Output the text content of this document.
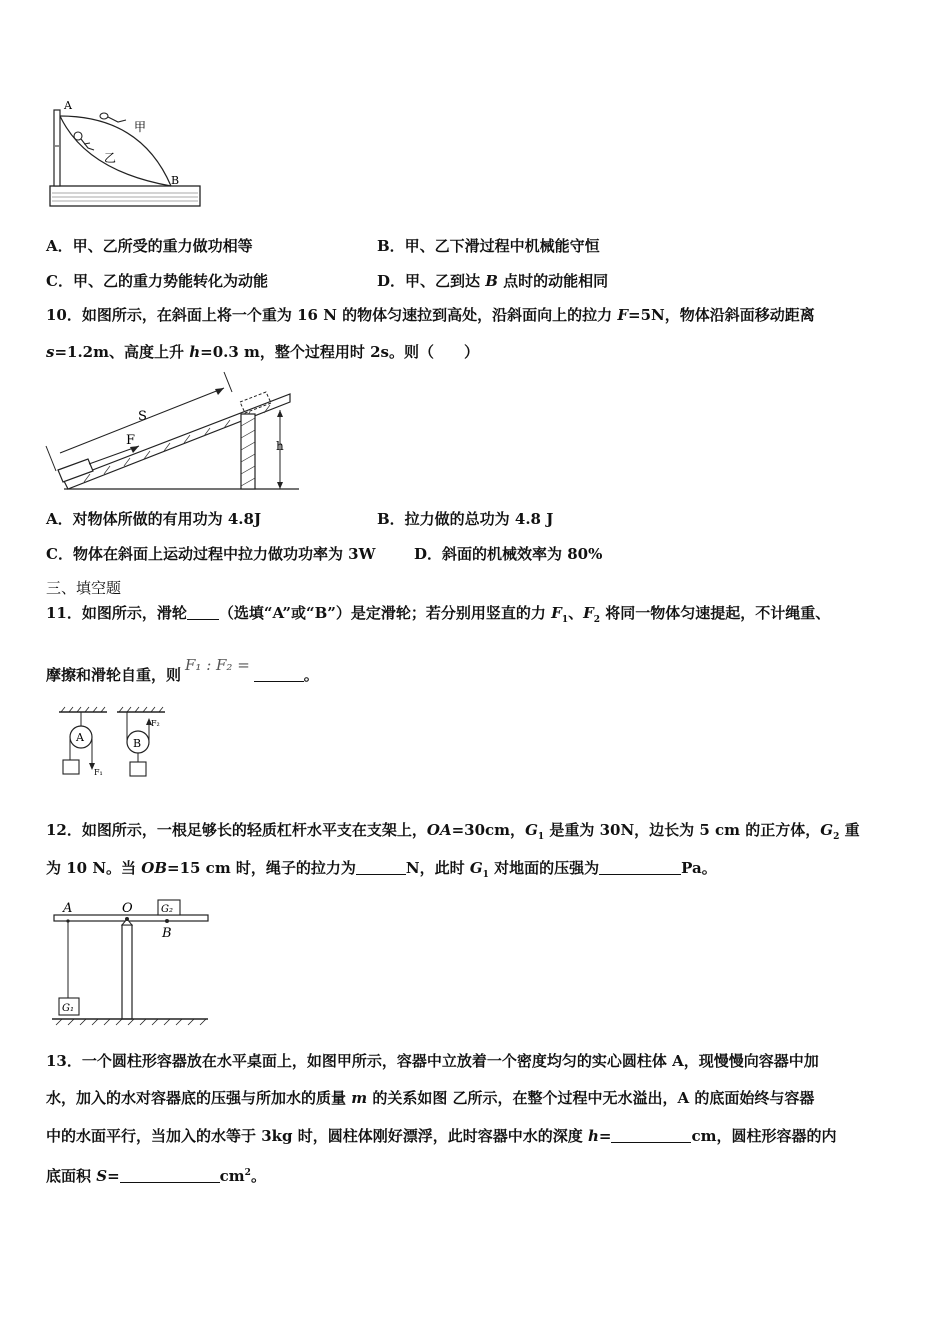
A
B
甲
乙
A．甲、乙所受的重力做功相等	B．甲、乙下滑过程中机械能守恒
C．甲、乙的重力势能转化为动能	D．甲、乙到达 B 点时的动能相同
10．如图所示，在斜面上将一个重为 16 N 的物体匀速拉到高处，沿斜面向上的拉力 F=5N，物体沿斜面移动距离
s=1.2m、高度上升 h=0.3 m，整个过程用时 2s。则（　　）
S
F	h
A．对物体所做的有用功为 4.8J	B．拉力做的总功为 4.8 J
C．物体在斜面上运动过程中拉力做功功率为 3W	D．斜面的机械效率为 80%
三、填空题
11．如图所示，滑轮 （选填“A”或“B”）是定滑轮；若分别用竖直的力 $F_1$、$F_2$ 将同一物体匀速提起，不计绳重、
摩擦和滑轮自重，则F₁ : F₂ =。
A
F₁
B
F₂
12．如图所示，一根足够长的轻质杠杆水平支在支架上，OA=30cm，$G_1$ 是重为 30N，边长为 5 cm 的正方体，$G_2$ 重
为 10 N。当 OB=15 cm 时，绳子的拉力为	N，此时 $G_1$ 对地面的压强为	Pa。
A	O	G₂
B
G₁
13．一个圆柱形容器放在水平桌面上，如图甲所示，容器中立放着一个密度均匀的实心圆柱体 A，现慢慢向容器中加
水，加入的水对容器底的压强与所加水的质量 m 的关系如图 乙所示，在整个过程中无水溢出，A 的底面始终与容器
中的水面平行，当加入的水等于 3kg 时，圆柱体刚好漂浮，此时容器中水的深度 h=	cm，圆柱形容器的内
底面积 S=	$cm^2$。
